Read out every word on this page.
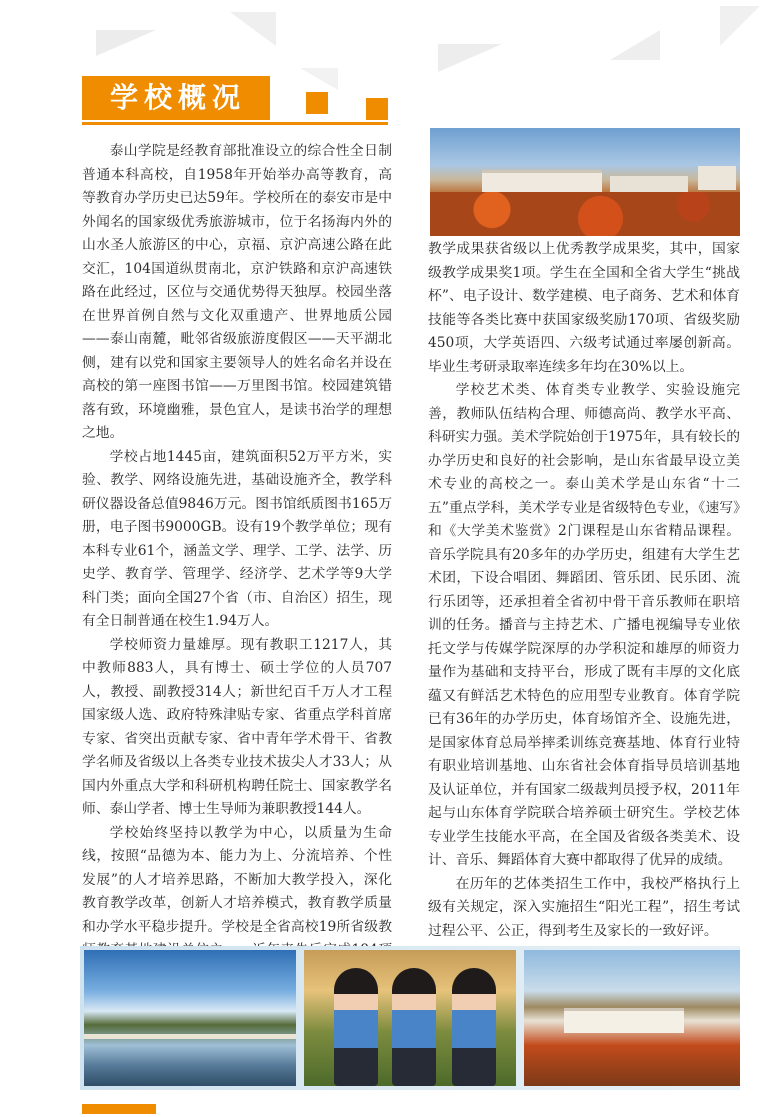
学校概况

泰山学院是经教育部批准设立的综合性全日制普通本科高校，自1958年开始举办高等教育，高等教育办学历史已达59年。学校所在的泰安市是中外闻名的国家级优秀旅游城市，位于名扬海内外的山水圣人旅游区的中心，京福、京沪高速公路在此交汇，104国道纵贯南北，京沪铁路和京沪高速铁路在此经过，区位与交通优势得天独厚。校园坐落在世界首例自然与文化双重遗产、世界地质公园——泰山南麓，毗邻省级旅游度假区——天平湖北侧，建有以党和国家主要领导人的姓名命名并设在高校的第一座图书馆——万里图书馆。校园建筑错落有致，环境幽雅，景色宜人，是读书治学的理想之地。

学校占地1445亩，建筑面积52万平方米，实验、教学、网络设施先进，基础设施齐全，教学科研仪器设备总值9846万元。图书馆纸质图书165万册，电子图书9000GB。设有19个教学单位；现有本科专业61个，涵盖文学、理学、工学、法学、历史学、教育学、管理学、经济学、艺术学等9大学科门类；面向全国27个省（市、自治区）招生，现有全日制普通在校生1.94万人。

学校师资力量雄厚。现有教职工1217人，其中教师883人，具有博士、硕士学位的人员707人，教授、副教授314人；新世纪百千万人才工程国家级人选、政府特殊津贴专家、省重点学科首席专家、省突出贡献专家、省中青年学术骨干、省教学名师及省级以上各类专业技术拔尖人才33人；从国内外重点大学和科研机构聘任院士、国家教学名师、泰山学者、博士生导师为兼职教授144人。

学校始终坚持以教学为中心，以质量为生命线，按照“品德为本、能力为上、分流培养、个性发展”的人才培养思路，不断加大教学投入，深化教育教学改革，创新人才培养模式，教育教学质量和办学水平稳步提升。学校是全省高校19所省级教

教学成果获省级以上优秀教学成果奖，其中，国家级教学成果奖1项。学生在全国和全省大学生“挑战杯”、电子设计、数学建模、电子商务、艺术和体育技能等各类比赛中获国家级奖励170项、省级奖励450项，大学英语四、六级考试通过率屡创新高。毕业生考研录取率连续多年均在30%以上。

学校艺术类、体育类专业教学、实验设施完善，教师队伍结构合理、师德高尚、教学水平高、科研实力强。美术学院始创于1975年，具有较长的办学历史和良好的社会影响，是山东省最早设立美术专业的高校之一。泰山美术学是山东省“十二五”重点学科，美术学专业是省级特色专业，《速写》和《大学美术鉴赏》2门课程是山东省精品课程。音乐学院具有20多年的办学历史，组建有大学生艺术团，下设合唱团、舞蹈团、管乐团、民乐团、流行乐团等，还承担着全省初中骨干音乐教师在职培训的任务。播音与主持艺术、广播电视编导专业依托文学与传媒学院深厚的办学积淀和雄厚的师资力量作为基础和支持平台，形成了既有丰厚的文化底蕴又有鲜活艺术特色的应用型专业教育。体育学院已有36年的办学历史，体育场馆齐全、设施先进，是国家体育总局举摔柔训练竞赛基地、体育行业特有职业培训基地、山东省社会体育指导员培训基地及认证单位，并有国家二级裁判员授予权，2011年起与山东体育学院联合培养硕士研究生。学校艺体专业学生技能水平高，在全国及省级各类美术、设计、音乐、舞蹈体育大赛中都取得了优异的成绩。

在历年的艺体类招生工作中，我校严格执行上级有关规定，深入实施招生“阳光工程”，招生考试过程公平、公正，得到考生及家长的一致好评。
